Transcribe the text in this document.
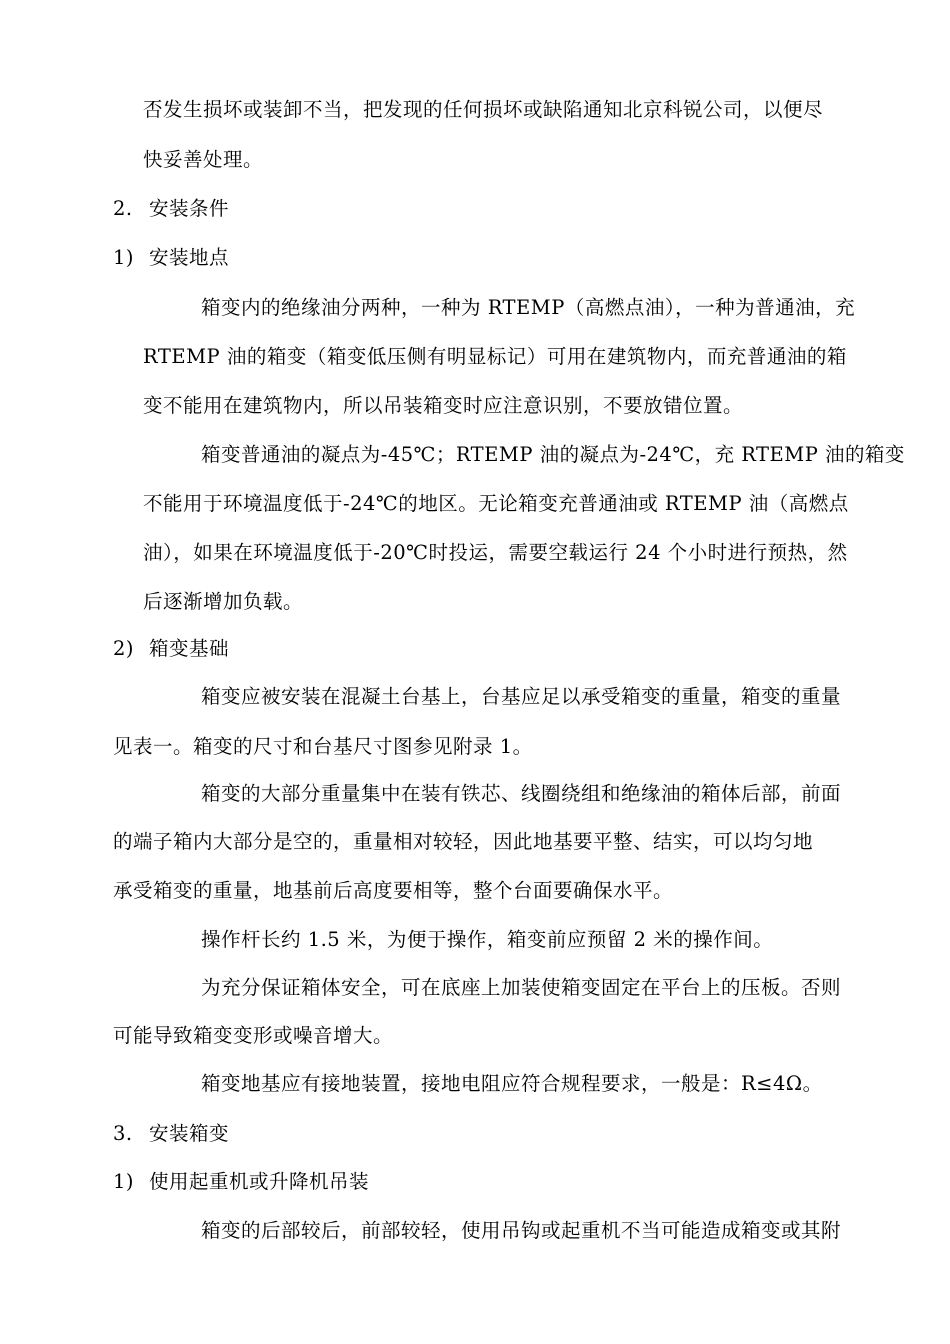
否发生损坏或装卸不当，把发现的任何损坏或缺陷通知北京科锐公司，以便尽
快妥善处理。
2. 安装条件
1) 安装地点
箱变内的绝缘油分两种，一种为 RTEMP（高燃点油），一种为普通油，充
RTEMP 油的箱变（箱变低压侧有明显标记）可用在建筑物内，而充普通油的箱
变不能用在建筑物内，所以吊装箱变时应注意识别，不要放错位置。
箱变普通油的凝点为-45℃；RTEMP 油的凝点为-24℃，充 RTEMP 油的箱变
不能用于环境温度低于-24℃的地区。无论箱变充普通油或 RTEMP 油（高燃点
油），如果在环境温度低于-20℃时投运，需要空载运行 24 个小时进行预热，然
后逐渐增加负载。
2) 箱变基础
箱变应被安装在混凝土台基上，台基应足以承受箱变的重量，箱变的重量
见表一。箱变的尺寸和台基尺寸图参见附录 1。
箱变的大部分重量集中在装有铁芯、线圈绕组和绝缘油的箱体后部，前面
的端子箱内大部分是空的，重量相对较轻，因此地基要平整、结实，可以均匀地
承受箱变的重量，地基前后高度要相等，整个台面要确保水平。
操作杆长约 1.5 米，为便于操作，箱变前应预留 2 米的操作间。
为充分保证箱体安全，可在底座上加装使箱变固定在平台上的压板。否则
可能导致箱变变形或噪音增大。
箱变地基应有接地装置，接地电阻应符合规程要求，一般是：R≤4Ω。
3. 安装箱变
1) 使用起重机或升降机吊装
箱变的后部较后，前部较轻，使用吊钩或起重机不当可能造成箱变或其附
